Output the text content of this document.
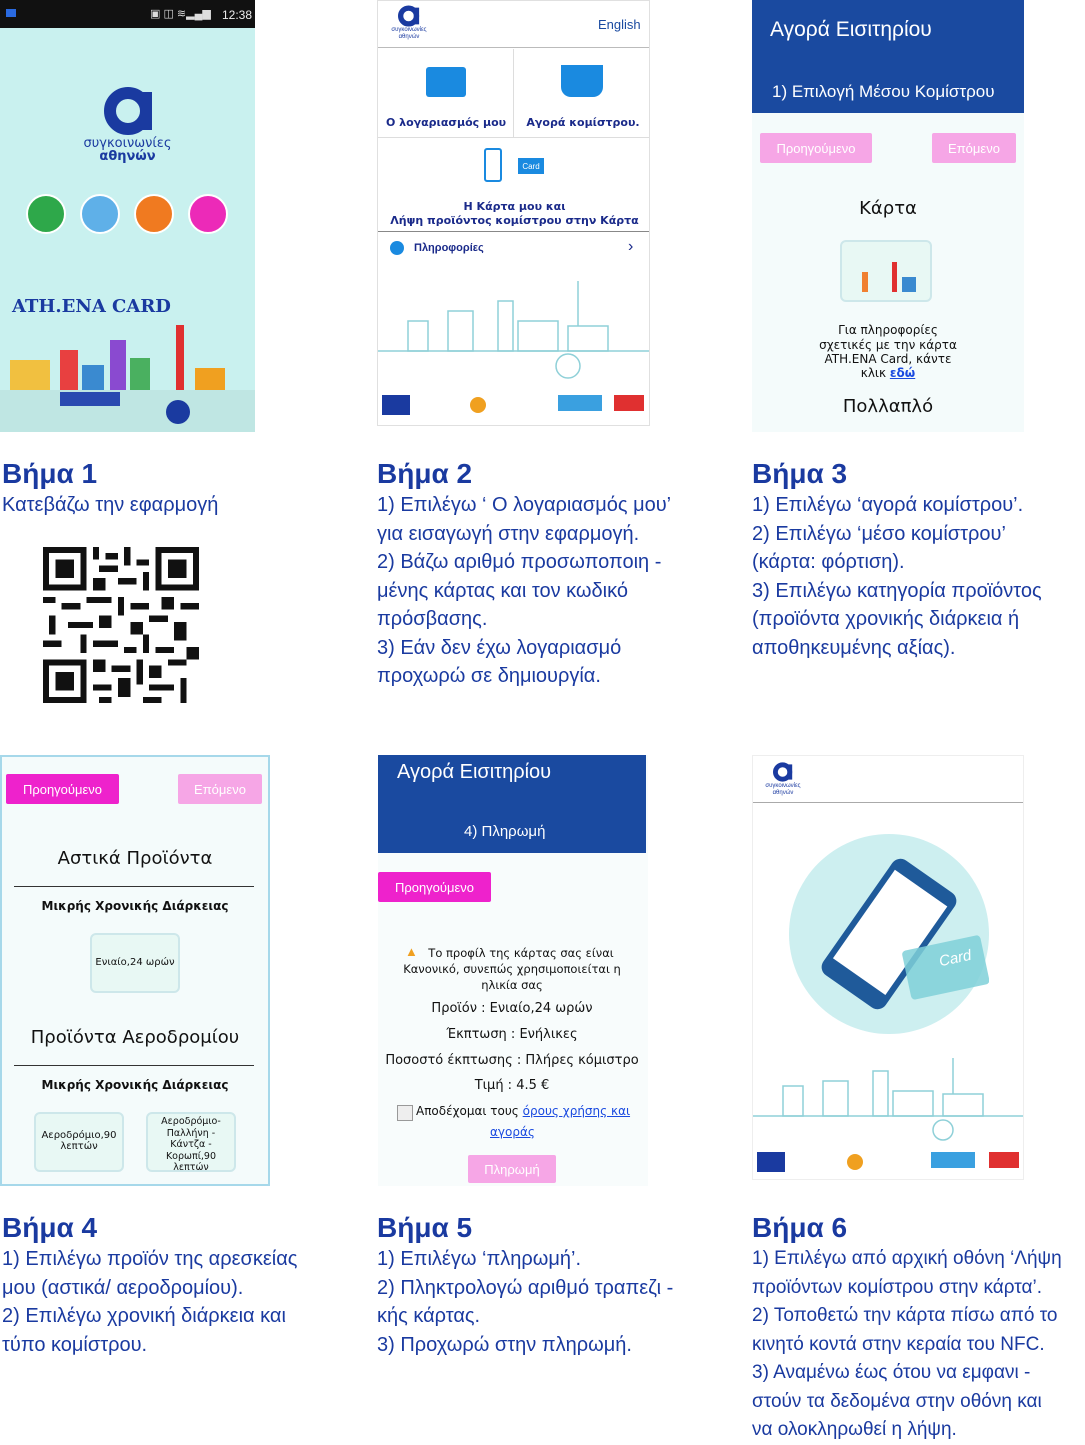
▣ ◫ ≋▂▄▆ 12:38
συγκοινωνίες
αθηνών
ATH.ENA CARD
συγκοινωνίες
αθηνών
English
Ο λογαριασμός μου	Αγορά κομίστρου.
Card
Η Κάρτα μου και
Λήψη προϊόντος κομίστρου στην Κάρτα
Πληροφορίες	›
Αγορά Εισιτηρίου
1) Επιλογή Μέσου Κομίστρου
Προηγούμενο	Επόμενο
Κάρτα
Για πληροφορίες
σχετικές με την κάρτα
ATH.ENA Card, κάντε
κλικ εδώ
Πολλαπλό
Βήμα 1
Κατεβάζω την εφαρμογή
Βήμα 2
1) Επιλέγω ‘ Ο λογαριασμός μου’
για εισαγωγή στην εφαρμογή.
2) Βάζω αριθμό προσωποποιη -
μένης κάρτας και τον κωδικό
πρόσβασης.
3) Εάν δεν έχω λογαριασμό
προχωρώ σε δημιουργία.
Βήμα 3
1) Επιλέγω ‘αγορά κομίστρου’.
2) Επιλέγω ‘μέσο κομίστρου’
(κάρτα: φόρτιση).
3) Επιλέγω κατηγορία προϊόντος
(προϊόντα χρονικής διάρκεια ή
αποθηκευμένης αξίας).
Προηγούμενο	Επόμενο
Αστικά Προϊόντα
Μικρής Χρονικής Διάρκειας
Ενιαίο,24 ωρών
Προϊόντα Αεροδρομίου
Μικρής Χρονικής Διάρκειας
Αεροδρόμιο,90 λεπτών
Αεροδρόμιο-Παλλήνη - Κάντζα - Κορωπί,90 λεπτών
Αγορά Εισιτηρίου
4) Πληρωμή
Προηγούμενο
▲ Το προφίλ της κάρτας σας είναι
Κανονικό, συνεπώς χρησιμοποιείται η
ηλικία σας
Προϊόν : Ενιαίο,24 ωρών
Έκπτωση : Ενήλικες
Ποσοστό έκπτωσης : Πλήρες κόμιστρο
Τιμή : 4.5 €
Αποδέχομαι τους όρους χρήσης και
αγοράς
Πληρωμή
συγκοινωνίες
αθηνών
Card
Βήμα 4
1) Επιλέγω προϊόν της αρεσκείας
μου (αστικά/ αεροδρομίου).
2) Επιλέγω χρονική διάρκεια και
τύπο κομίστρου.
Βήμα 5
1) Επιλέγω ‘πληρωμή’.
2) Πληκτρολογώ αριθμό τραπεζι -
κής κάρτας.
3) Προχωρώ στην πληρωμή.
Βήμα 6
1) Επιλέγω από αρχική οθόνη ‘Λήψη
προϊόντων κομίστρου στην κάρτα’.
2) Τοποθετώ την κάρτα πίσω από το
κινητό κοντά στην κεραία του NFC.
3) Αναμένω έως ότου να εμφανι -
στούν τα δεδομένα στην οθόνη και
να ολοκληρωθεί η λήψη.
